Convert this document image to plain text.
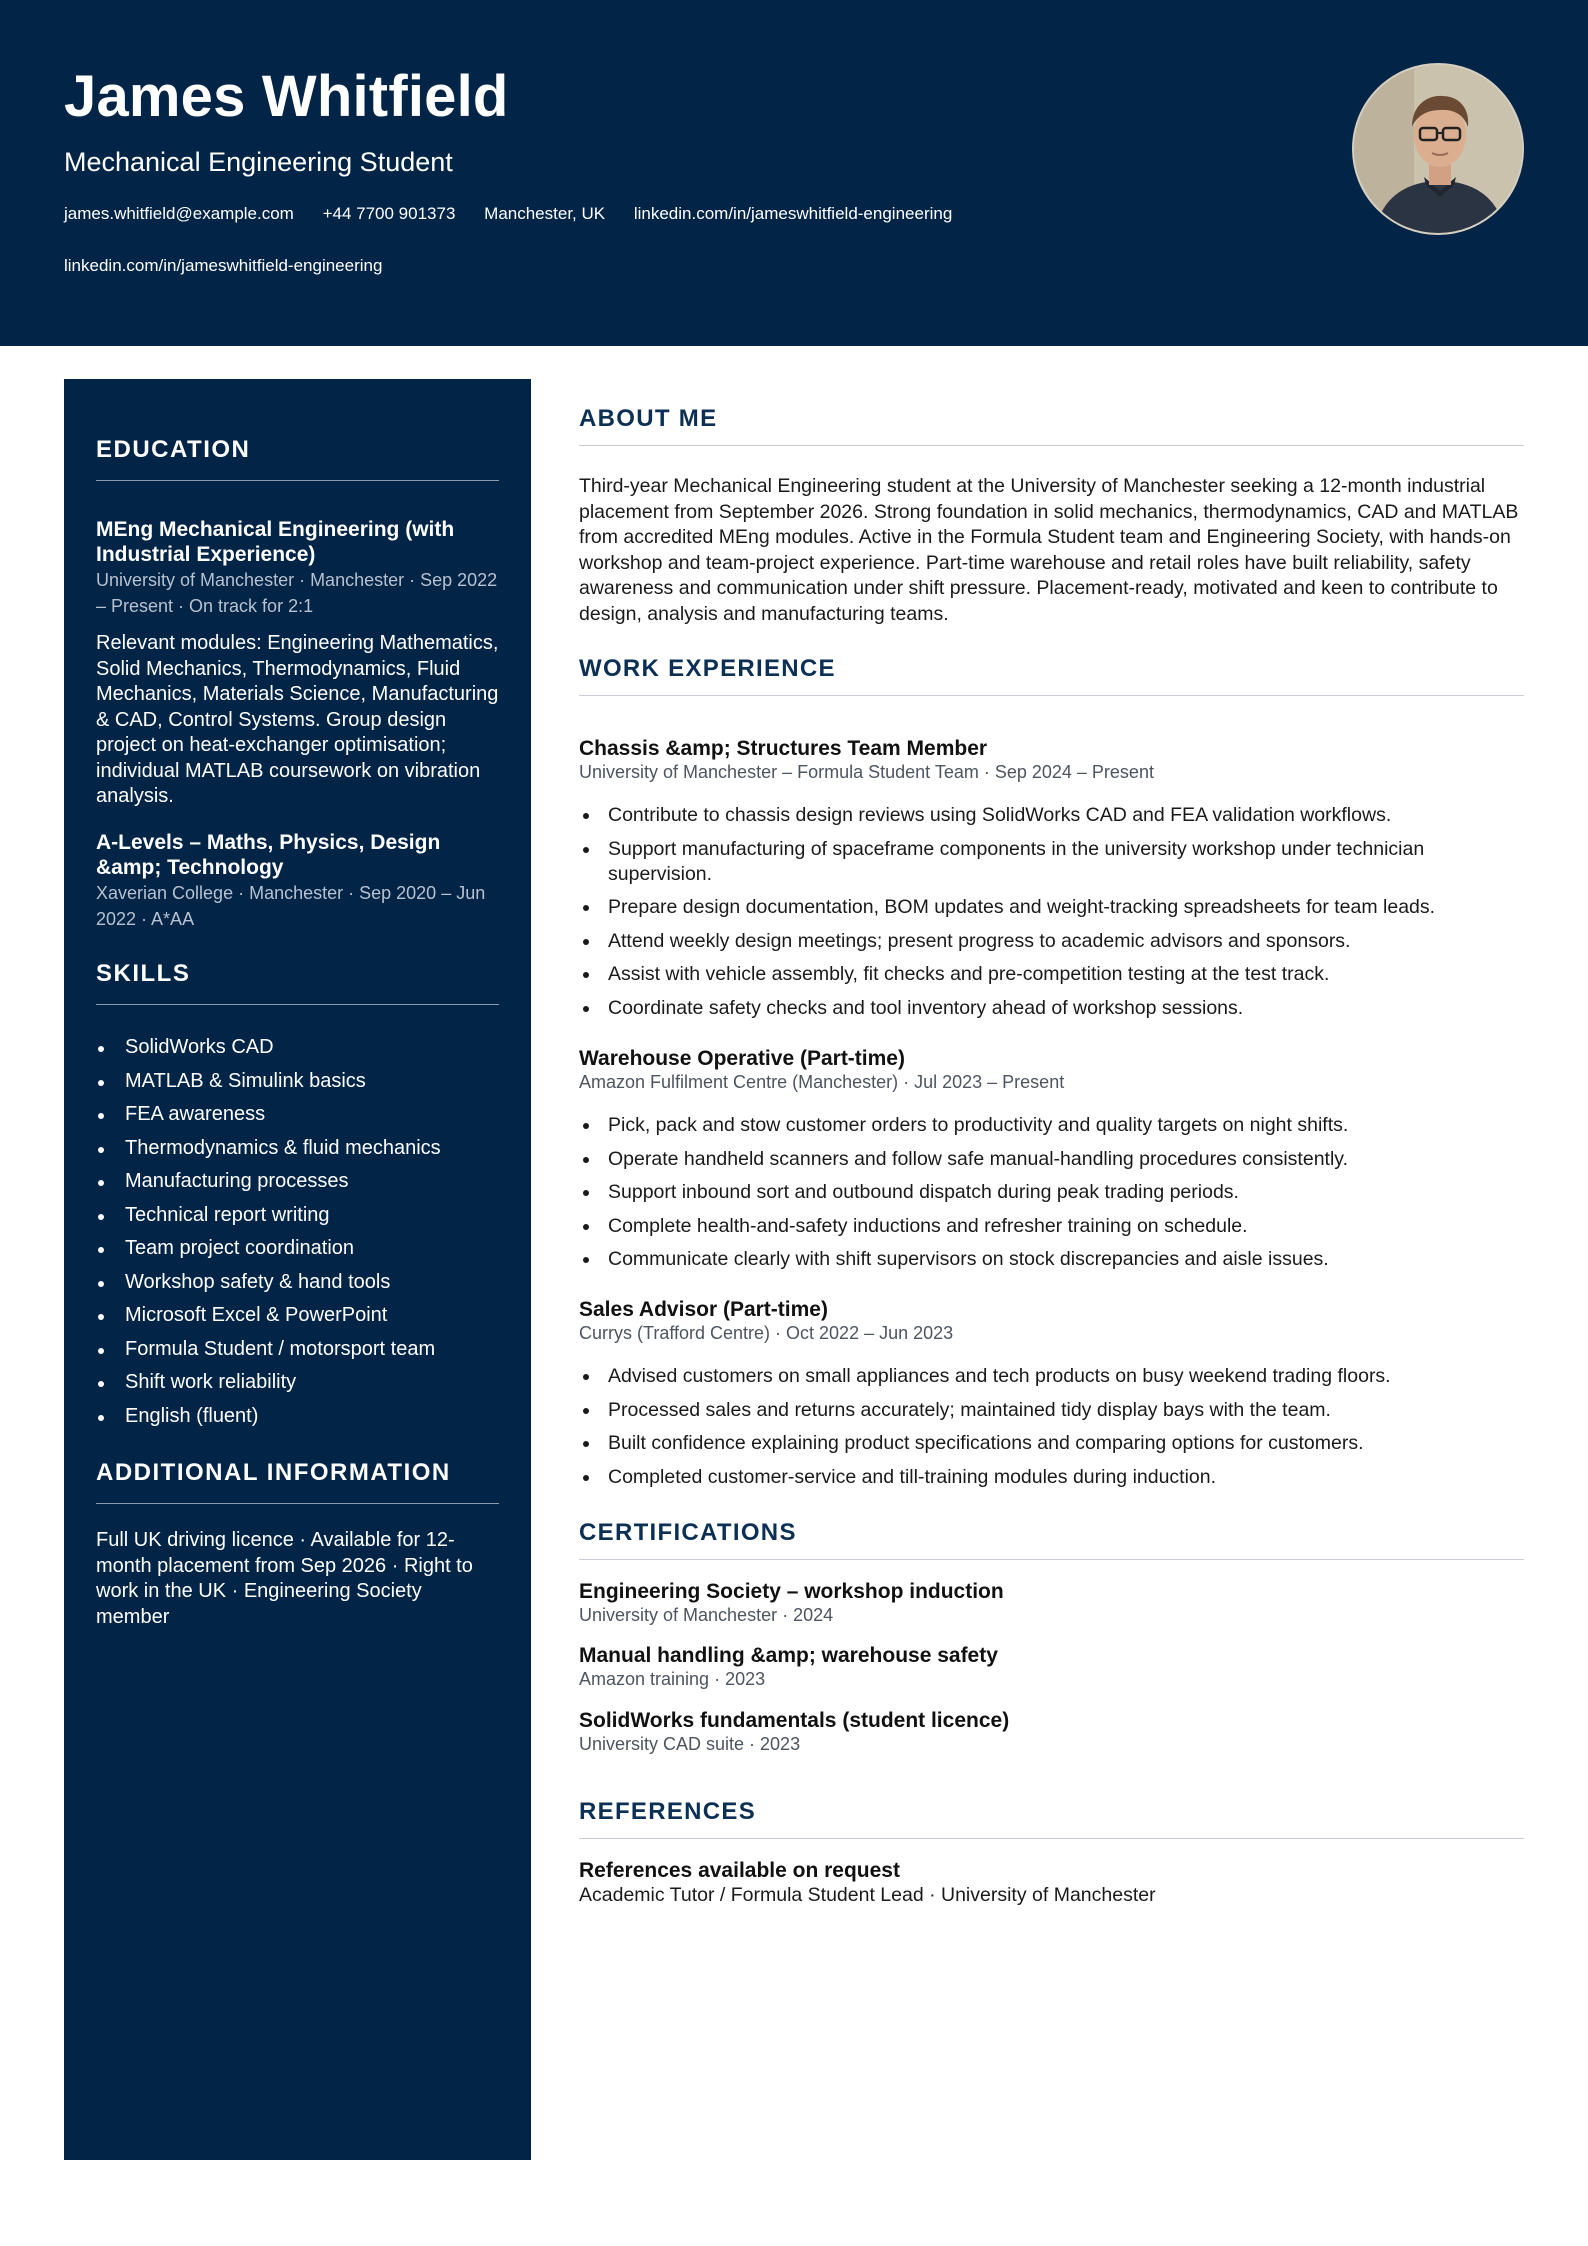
James Whitfield
Mechanical Engineering Student
james.whitfield@example.com +44 7700 901373 Manchester, UK linkedin.com/in/jameswhitfield-engineering
linkedin.com/in/jameswhitfield-engineering
EDUCATION
MEng Mechanical Engineering (with Industrial Experience)
University of Manchester · Manchester · Sep 2022 – Present · On track for 2:1
Relevant modules: Engineering Mathematics, Solid Mechanics, Thermodynamics, Fluid Mechanics, Materials Science, Manufacturing & CAD, Control Systems. Group design project on heat-exchanger optimisation; individual MATLAB coursework on vibration analysis.
A-Levels – Maths, Physics, Design &amp; Technology
Xaverian College · Manchester · Sep 2020 – Jun 2022 · A*AA
SKILLS
SolidWorks CAD
MATLAB & Simulink basics
FEA awareness
Thermodynamics & fluid mechanics
Manufacturing processes
Technical report writing
Team project coordination
Workshop safety & hand tools
Microsoft Excel & PowerPoint
Formula Student / motorsport team
Shift work reliability
English (fluent)
ADDITIONAL INFORMATION
Full UK driving licence · Available for 12-month placement from Sep 2026 · Right to work in the UK · Engineering Society member
ABOUT ME
Third-year Mechanical Engineering student at the University of Manchester seeking a 12-month industrial placement from September 2026. Strong foundation in solid mechanics, thermodynamics, CAD and MATLAB from accredited MEng modules. Active in the Formula Student team and Engineering Society, with hands-on workshop and team-project experience. Part-time warehouse and retail roles have built reliability, safety awareness and communication under shift pressure. Placement-ready, motivated and keen to contribute to design, analysis and manufacturing teams.
WORK EXPERIENCE
Chassis &amp; Structures Team Member
University of Manchester – Formula Student Team · Sep 2024 – Present
Contribute to chassis design reviews using SolidWorks CAD and FEA validation workflows.
Support manufacturing of spaceframe components in the university workshop under technician supervision.
Prepare design documentation, BOM updates and weight-tracking spreadsheets for team leads.
Attend weekly design meetings; present progress to academic advisors and sponsors.
Assist with vehicle assembly, fit checks and pre-competition testing at the test track.
Coordinate safety checks and tool inventory ahead of workshop sessions.
Warehouse Operative (Part-time)
Amazon Fulfilment Centre (Manchester) · Jul 2023 – Present
Pick, pack and stow customer orders to productivity and quality targets on night shifts.
Operate handheld scanners and follow safe manual-handling procedures consistently.
Support inbound sort and outbound dispatch during peak trading periods.
Complete health-and-safety inductions and refresher training on schedule.
Communicate clearly with shift supervisors on stock discrepancies and aisle issues.
Sales Advisor (Part-time)
Currys (Trafford Centre) · Oct 2022 – Jun 2023
Advised customers on small appliances and tech products on busy weekend trading floors.
Processed sales and returns accurately; maintained tidy display bays with the team.
Built confidence explaining product specifications and comparing options for customers.
Completed customer-service and till-training modules during induction.
CERTIFICATIONS
Engineering Society – workshop induction
University of Manchester · 2024
Manual handling &amp; warehouse safety
Amazon training · 2023
SolidWorks fundamentals (student licence)
University CAD suite · 2023
REFERENCES
References available on request
Academic Tutor / Formula Student Lead · University of Manchester
